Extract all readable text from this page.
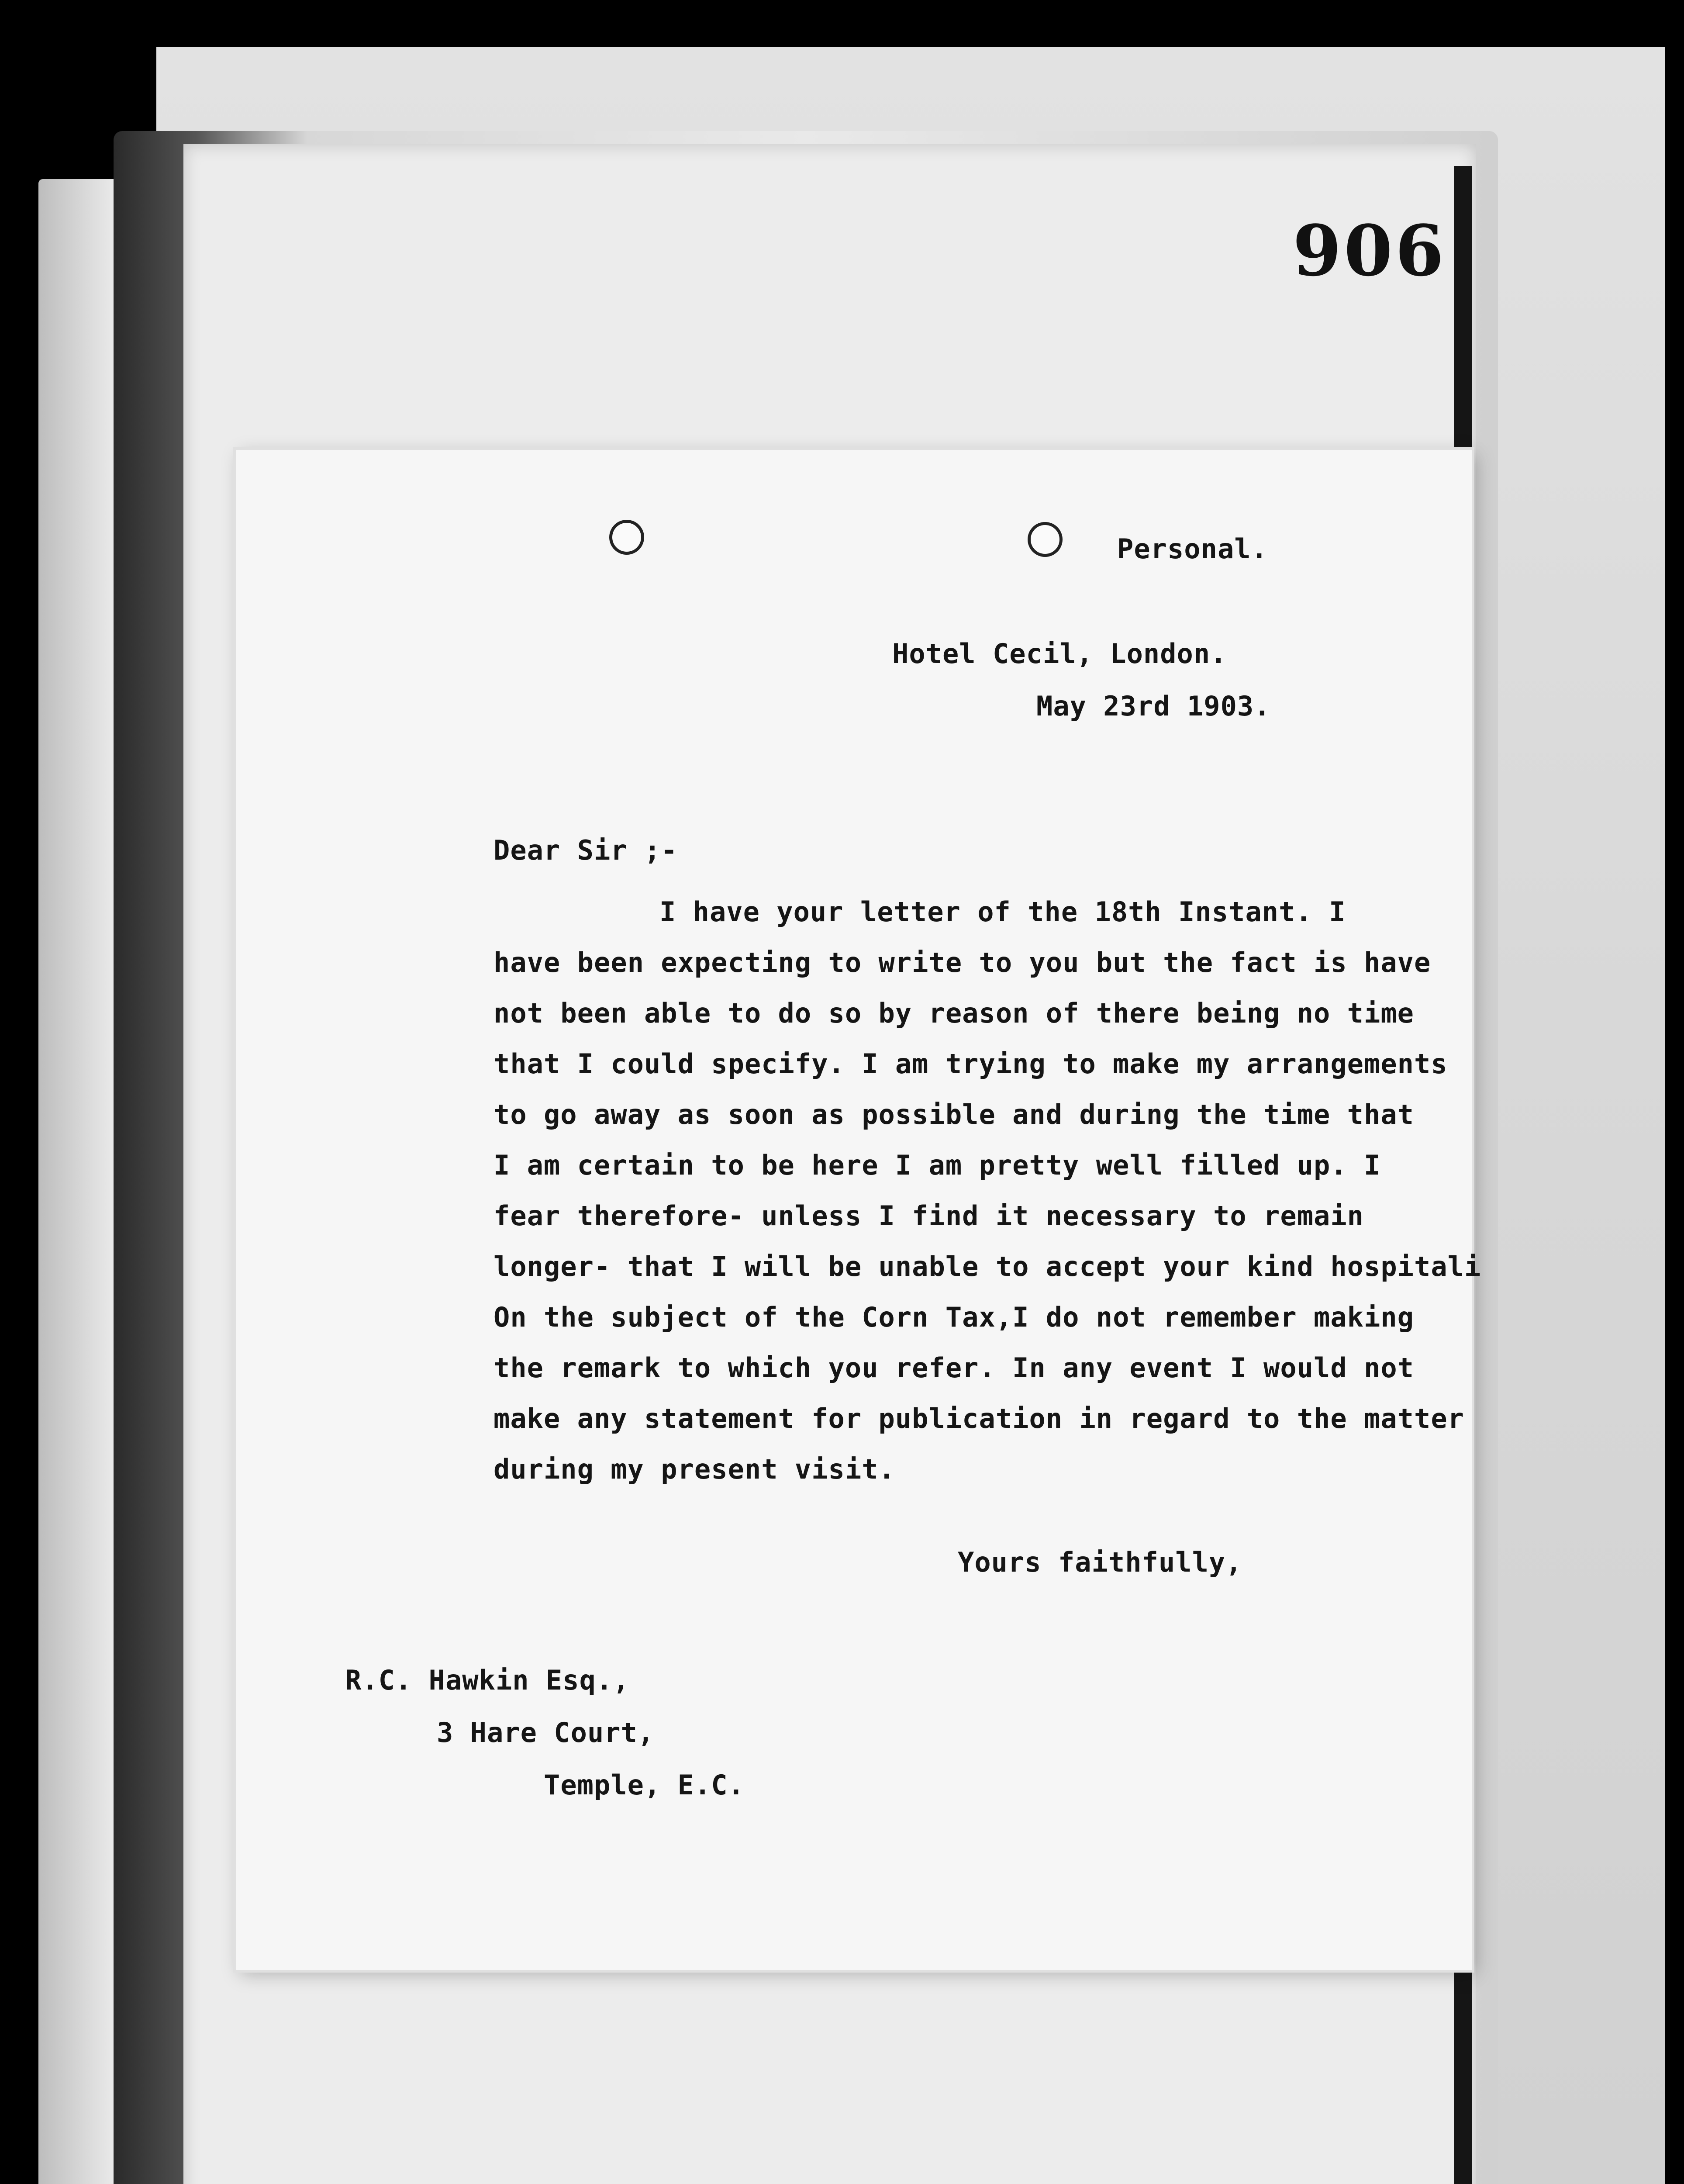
906
Personal.
Hotel Cecil, London.
May 23rd 1903.
Dear Sir ;-
I have your letter of the 18th Instant. I
have been expecting to write to you but the fact is have
not been able to do so by reason of there being no time
that I could specify. I am trying to make my arrangements
to go away as soon as possible and during the time that
I am certain to be here I am pretty well filled up. I
fear therefore- unless I find it necessary to remain
longer- that I will be unable to accept your kind hospitali
On the subject of the Corn Tax,I do not remember making
the remark to which you refer. In any event I would not
make any statement for publication in regard to the matter
during my present visit.
Yours faithfully,
R.C. Hawkin Esq.,
3 Hare Court,
Temple, E.C.
